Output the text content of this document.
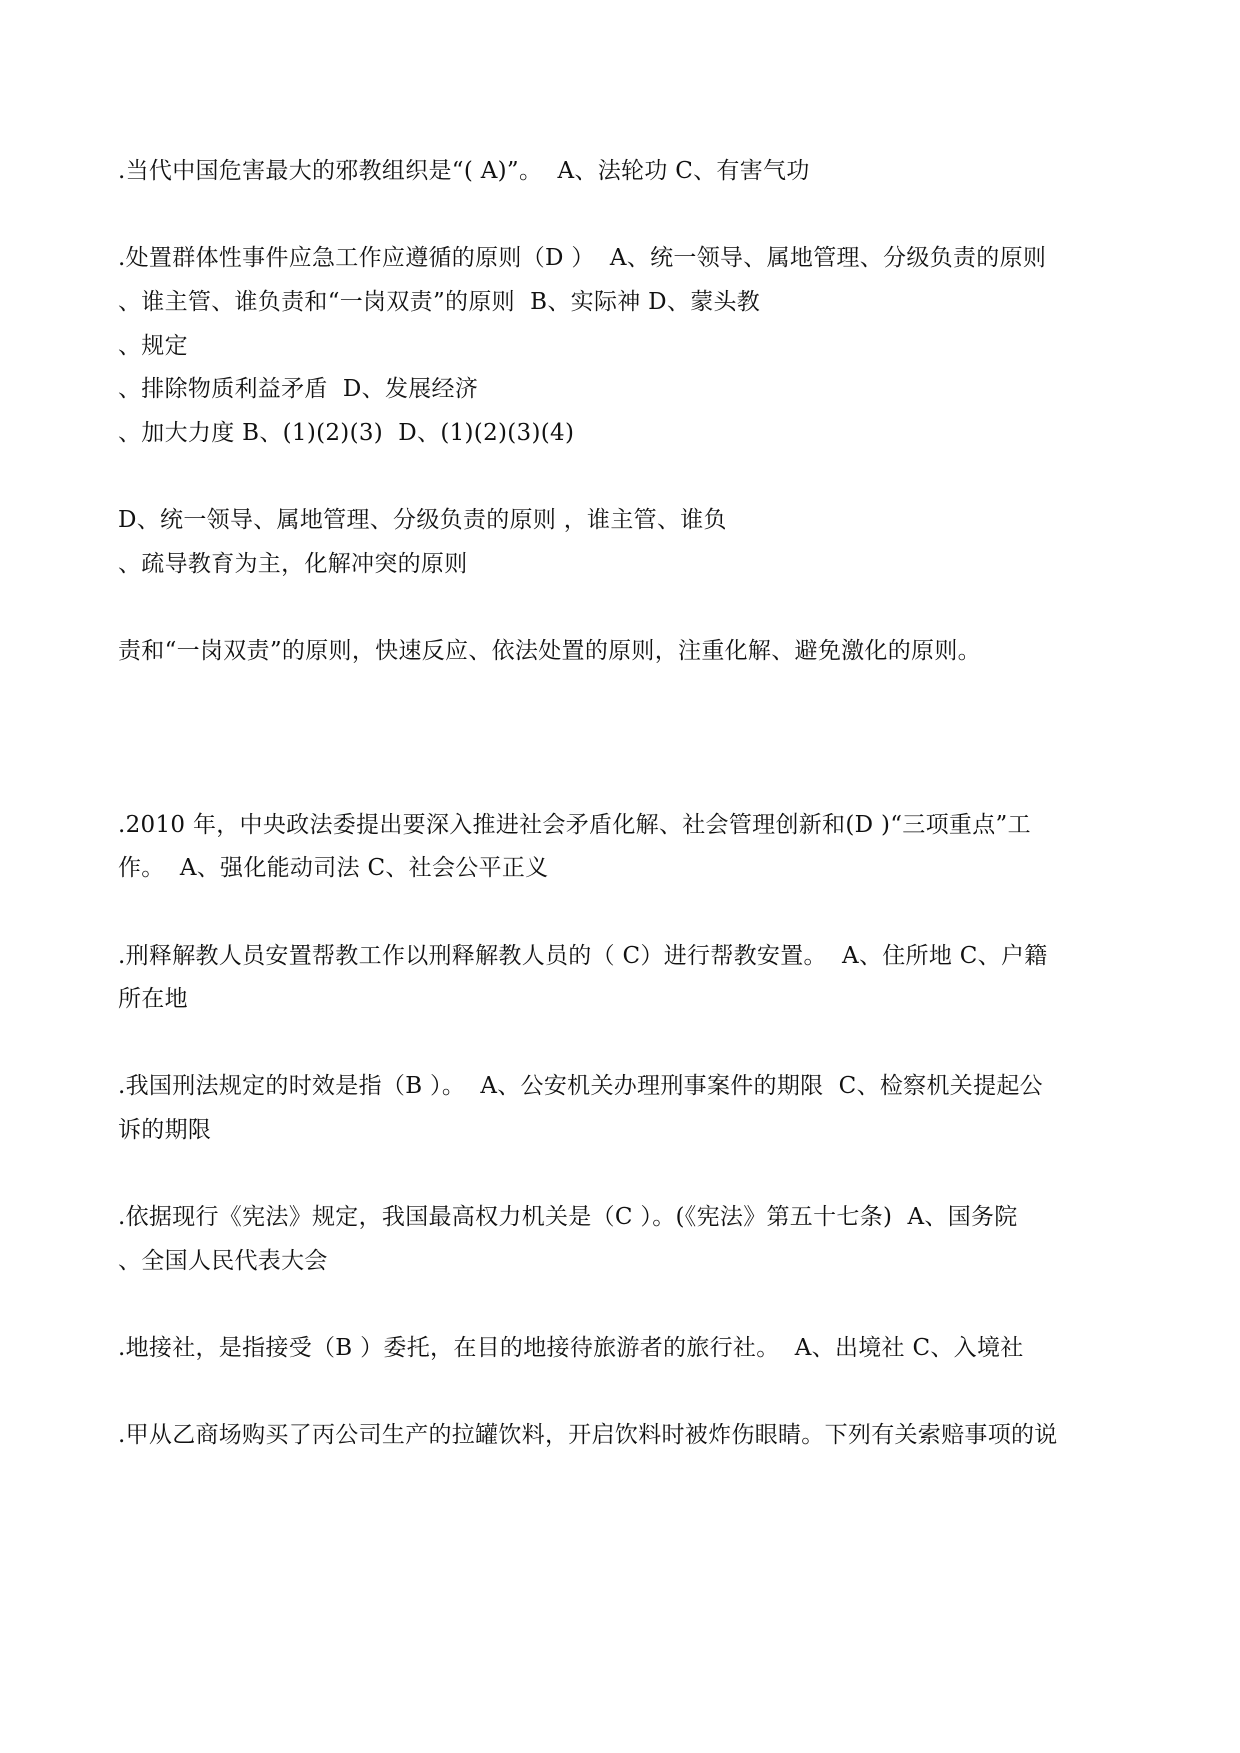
.当代中国危害最大的邪教组织是“( A)”。  A、法轮功 C、有害气功
.处置群体性事件应急工作应遵循的原则（D ）  A、统一领导、属地管理、分级负责的原则
、谁主管、谁负责和“一岗双责”的原则  B、实际神 D、蒙头教
、规定
、排除物质利益矛盾  D、发展经济
、加大力度 B、(1)(2)(3)  D、(1)(2)(3)(4)
D、统一领导、属地管理、分级负责的原则 ，谁主管、谁负
、疏导教育为主，化解冲突的原则
责和“一岗双责”的原则，快速反应、依法处置的原则，注重化解、避免激化的原则。
.2010 年，中央政法委提出要深入推进社会矛盾化解、社会管理创新和(D )“三项重点”工
作。  A、强化能动司法 C、社会公平正义
.刑释解教人员安置帮教工作以刑释解教人员的（ C）进行帮教安置。  A、住所地 C、户籍
所在地
.我国刑法规定的时效是指（B ）。  A、公安机关办理刑事案件的期限  C、检察机关提起公
诉的期限
.依据现行《宪法》规定，我国最高权力机关是（C ）。(《宪法》第五十七条)  A、国务院
、全国人民代表大会
.地接社，是指接受（B ）委托，在目的地接待旅游者的旅行社。  A、出境社 C、入境社
.甲从乙商场购买了丙公司生产的拉罐饮料，开启饮料时被炸伤眼睛。下列有关索赔事项的说
